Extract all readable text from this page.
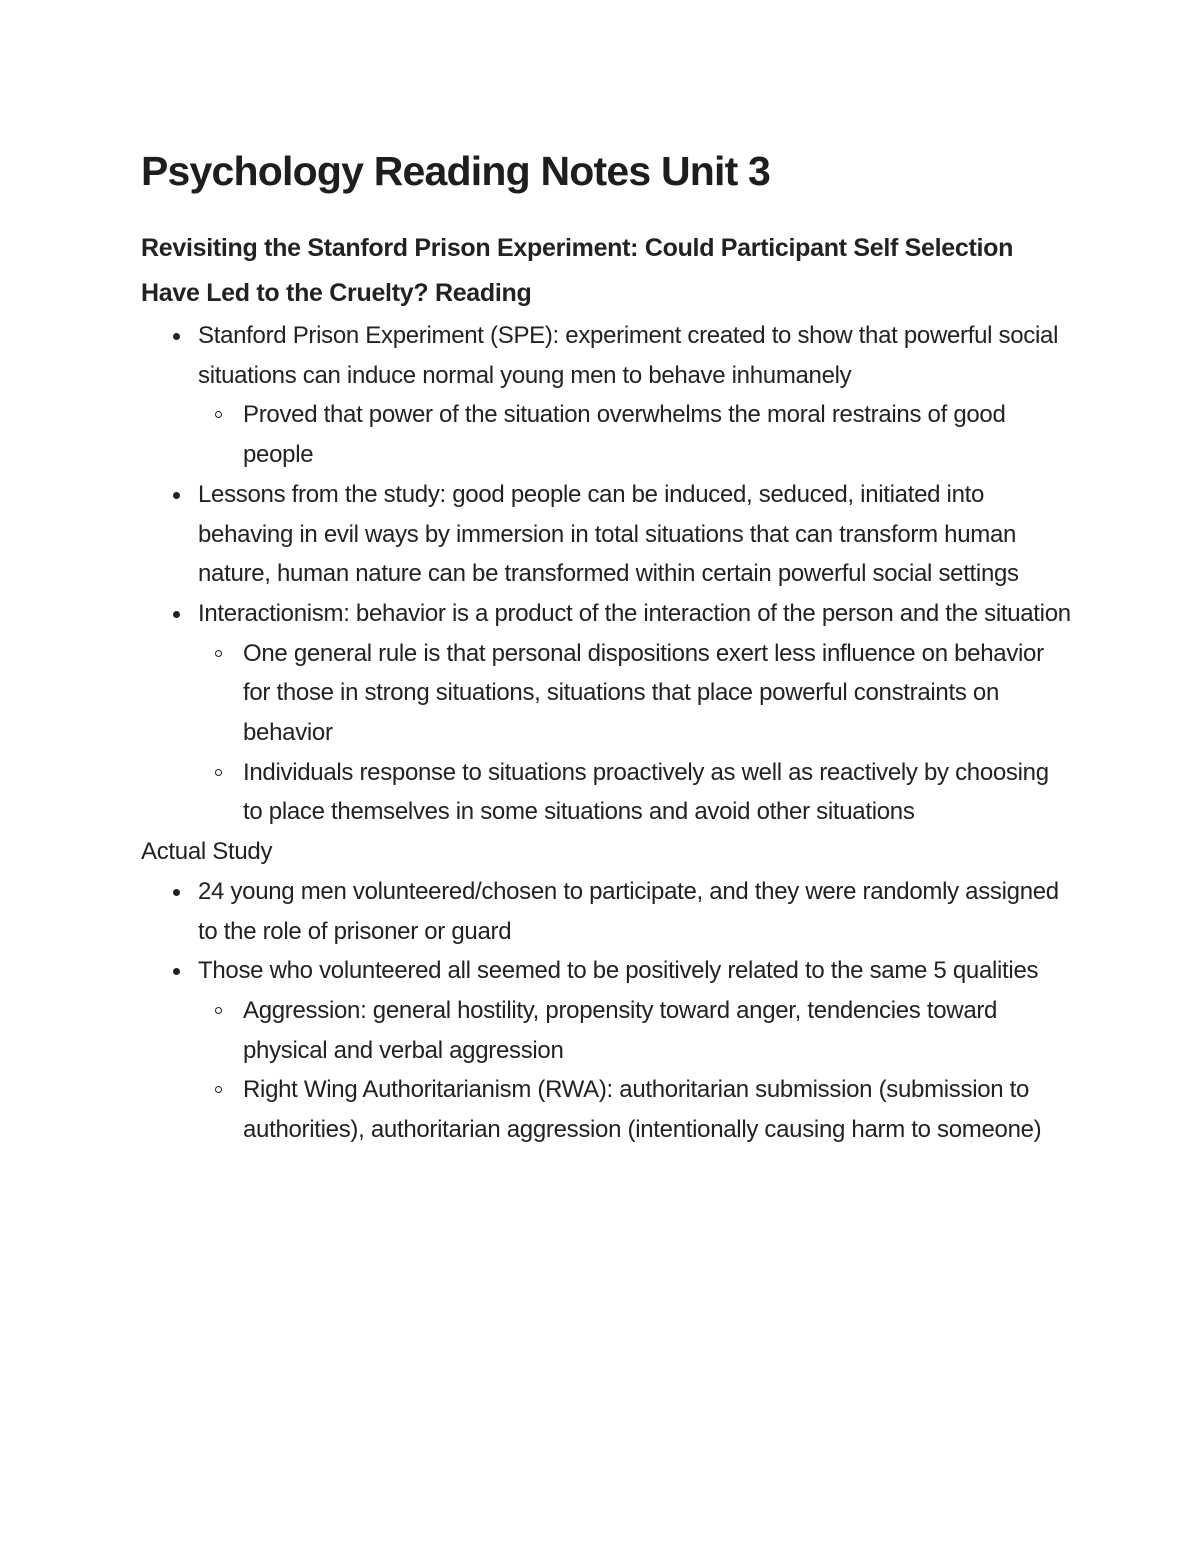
Psychology Reading Notes Unit 3
Revisiting the Stanford Prison Experiment: Could Participant Self Selection Have Led to the Cruelty? Reading
Stanford Prison Experiment (SPE): experiment created to show that powerful social situations can induce normal young men to behave inhumanely
Proved that power of the situation overwhelms the moral restrains of good people
Lessons from the study: good people can be induced, seduced, initiated into behaving in evil ways by immersion in total situations that can transform human nature, human nature can be transformed within certain powerful social settings
Interactionism: behavior is a product of the interaction of the person and the situation
One general rule is that personal dispositions exert less influence on behavior for those in strong situations, situations that place powerful constraints on behavior
Individuals response to situations proactively as well as reactively by choosing to place themselves in some situations and avoid other situations

Actual Study

24 young men volunteered/chosen to participate, and they were randomly assigned to the role of prisoner or guard
Those who volunteered all seemed to be positively related to the same 5 qualities
Aggression: general hostility, propensity toward anger, tendencies toward physical and verbal aggression
Right Wing Authoritarianism (RWA): authoritarian submission (submission to authorities), authoritarian aggression (intentionally causing harm to someone)
